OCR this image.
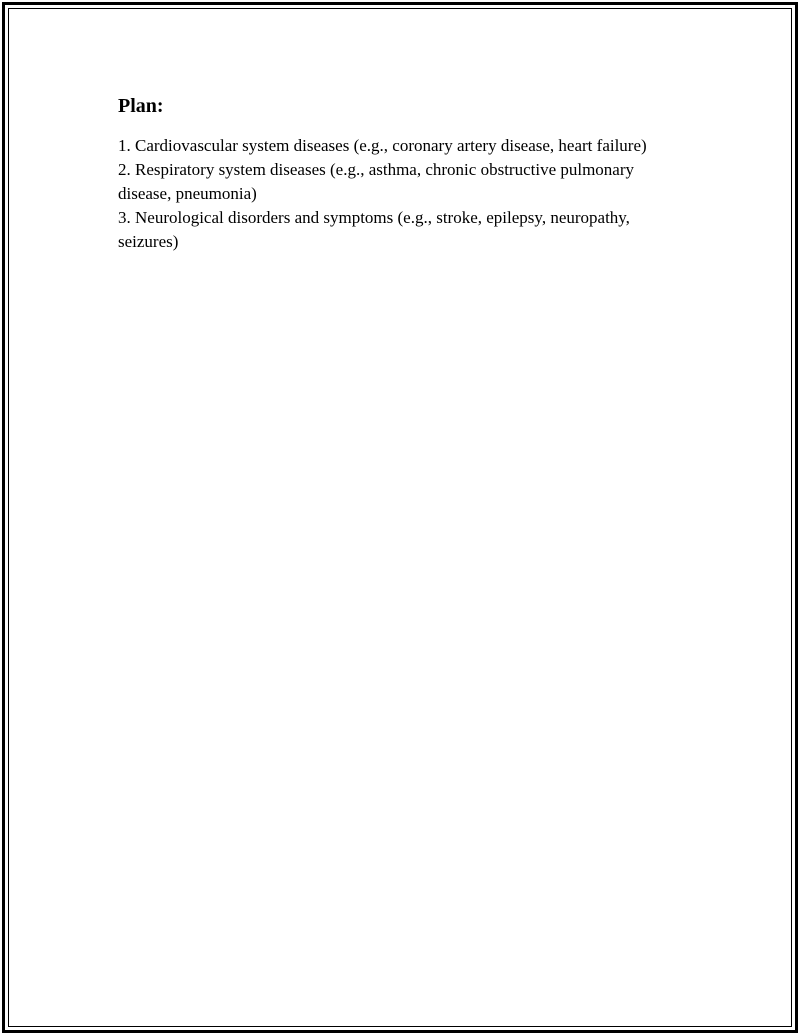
Plan:

1. Cardiovascular system diseases (e.g., coronary artery disease, heart failure)

2. Respiratory system diseases (e.g., asthma, chronic obstructive pulmonary disease, pneumonia)

3. Neurological disorders and symptoms (e.g., stroke, epilepsy, neuropathy, seizures)
